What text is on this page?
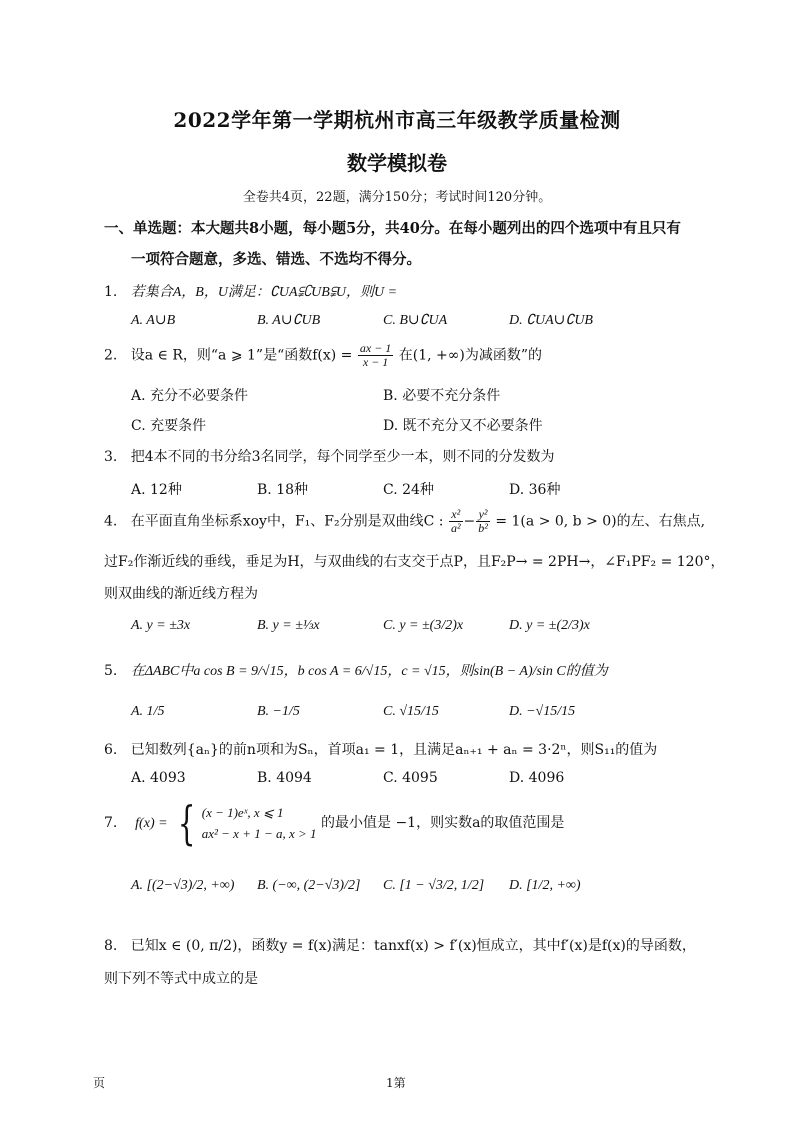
2022学年第一学期杭州市高三年级教学质量检测
数学模拟卷
全卷共4页，22题，满分150分；考试时间120分钟。
一、单选题：本大题共8小题，每小题5分，共40分。在每小题列出的四个选项中有且只有
一项符合题意，多选、错选、不选均不得分。
1. 若集合A，B，U满足：∁UA⫋∁UB⫋U，则U =
A. A∪B	B. A∪∁UB	C. B∪∁UA	D. ∁UA∪∁UB
2. 设a ∈ R，则“a ⩾ 1”是“函数$f(x) = \frac{ax - 1}{x - 1}$ 在(1, +∞)为减函数”的
A. 充分不必要条件	B. 必要不充分条件
C. 充要条件	D. 既不充分又不必要条件
3. 把4本不同的书分给3名同学，每个同学至少一本，则不同的分发数为
A. 12种	B. 18种	C. 24种	D. 36种
4. 在平面直角坐标系xoy中，F₁、F₂分别是双曲线C : $\frac{\text{x²}}{\text{a²}} - \frac{\text{y²}}{\text{b²}} = 1(a > 0$, b > 0)的左、右焦点,
过F₂作渐近线的垂线，垂足为H，与双曲线的右支交于点P，且F₂P→ = 2PH→，∠F₁PF₂ = 120°，
则双曲线的渐近线方程为
A. y = ±3x	B. y = ±⅓x	C. y = ±(3/2)x	D. y = ±(2/3)x
5. 在ΔABC中a cos B = 9/√15，b cos A = 6/√15，c = √15，则sin(B − A)/sin C的值为
A. 1/5	B. −1/5	C. √15/15	D. −√15/15
6. 已知数列{aₙ}的前n项和为Sₙ，首项a₁ = 1，且满足aₙ₊₁ + aₙ = 3·2ⁿ，则S₁₁的值为
A. 4093	B. 4094	C. 4095	D. 4096
7. f(x) = { (x − 1)eˣ, x ⩽ 1
ax² − x + 1 − a, x > 1
的最小值是 −1，则实数a的取值范围是
A. [(2−√3)/2, +∞) B. (−∞, (2−√3)/2] C. [1 − √3/2, 1/2] D. [1/2, +∞)
8. 已知x ∈ (0, π/2)，函数y = f(x)满足：tanxf(x) > f′(x)恒成立，其中f′(x)是f(x)的导函数，
则下列不等式中成立的是
页	1第
